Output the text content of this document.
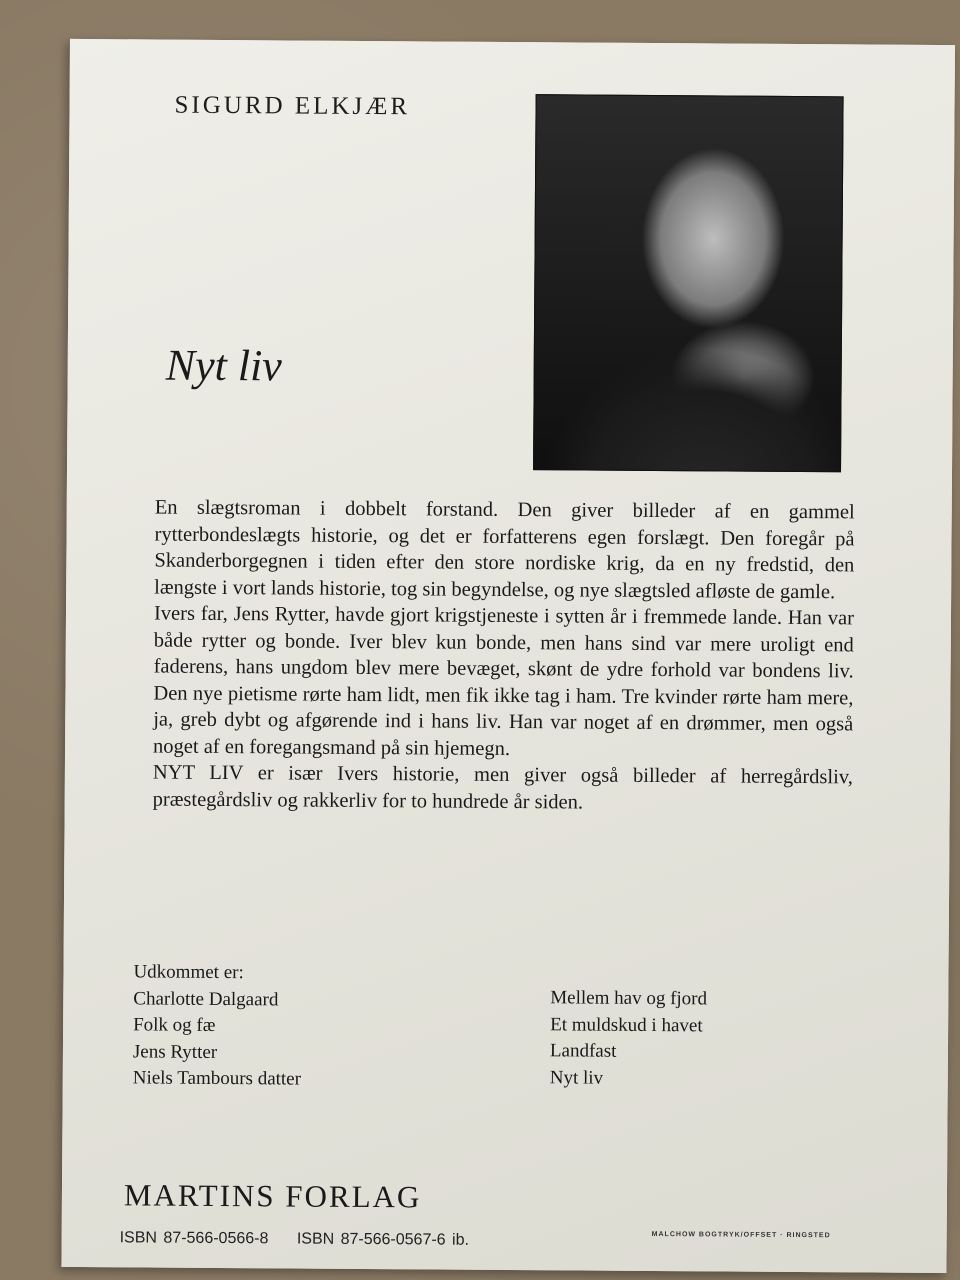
SIGURD ELKJÆR
Nyt liv

En slægtsroman i dobbelt forstand. Den giver billeder af en gammel rytterbondeslægts historie, og det er forfatterens egen forslægt. Den foregår på Skanderborgegnen i tiden efter den store nordiske krig, da en ny fredstid, den længste i vort lands historie, tog sin begyndelse, og nye slægtsled afløste de gamle.

Ivers far, Jens Rytter, havde gjort krigstjeneste i sytten år i fremmede lande. Han var både rytter og bonde. Iver blev kun bonde, men hans sind var mere uroligt end faderens, hans ungdom blev mere bevæget, skønt de ydre forhold var bondens liv. Den nye pietisme rørte ham lidt, men fik ikke tag i ham. Tre kvinder rørte ham mere, ja, greb dybt og afgørende ind i hans liv. Han var noget af en drømmer, men også noget af en foregangsmand på sin hjemegn.

NYT LIV er især Ivers historie, men giver også billeder af herregårdsliv, præstegårdsliv og rakkerliv for to hundrede år siden.

Udkommet er:
Charlotte Dalgaard
Folk og fæ
Jens Rytter
Niels Tambours datter
Mellem hav og fjord
Et muldskud i havet
Landfast
Nyt liv
MARTINS FORLAG
ISBN 87-566-0566-8 ISBN 87-566-0567-6 ib.	MALCHOW BOGTRYK/OFFSET · RINGSTED
